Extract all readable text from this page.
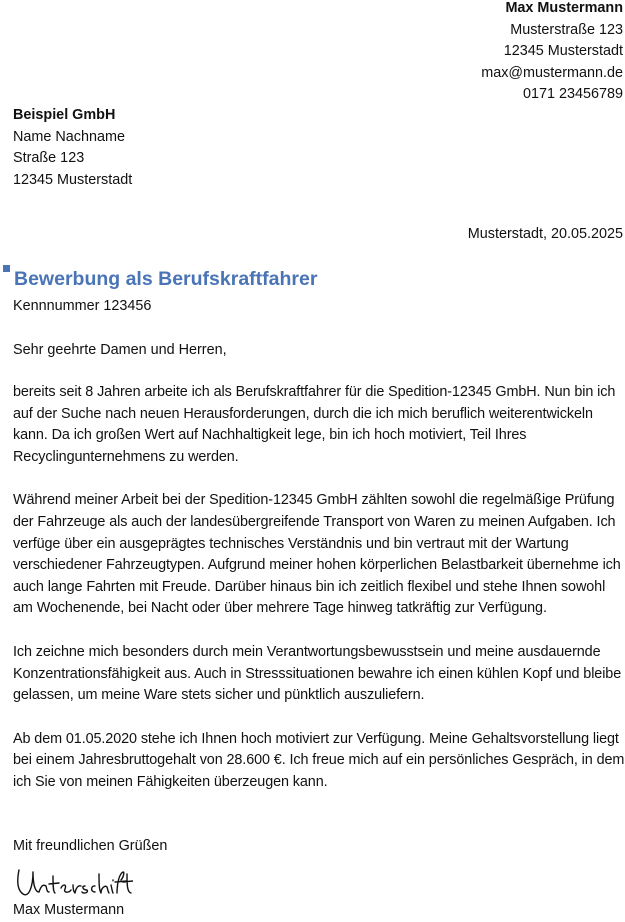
Max Mustermann
Musterstraße 123
12345 Musterstadt
max@mustermann.de
0171 23456789
Beispiel GmbH
Name Nachname
Straße 123
12345 Musterstadt
Musterstadt, 20.05.2025
Bewerbung als Berufskraftfahrer
Kennnummer 123456
Sehr geehrte Damen und Herren,

bereits seit 8 Jahren arbeite ich als Berufskraftfahrer für die Spedition-12345 GmbH. Nun bin ich auf der Suche nach neuen Herausforderungen, durch die ich mich beruflich weiterentwickeln kann. Da ich großen Wert auf Nachhaltigkeit lege, bin ich hoch motiviert, Teil Ihres Recyclingunternehmens zu werden.

Während meiner Arbeit bei der Spedition-12345 GmbH zählten sowohl die regelmäßige Prüfung der Fahrzeuge als auch der landesübergreifende Transport von Waren zu meinen Aufgaben. Ich verfüge über ein ausgeprägtes technisches Verständnis und bin vertraut mit der Wartung verschiedener Fahrzeugtypen. Aufgrund meiner hohen körperlichen Belastbarkeit übernehme ich auch lange Fahrten mit Freude. Darüber hinaus bin ich zeitlich flexibel und stehe Ihnen sowohl am Wochenende, bei Nacht oder über mehrere Tage hinweg tatkräftig zur Verfügung.

Ich zeichne mich besonders durch mein Verantwortungsbewusstsein und meine ausdauernde Konzentrationsfähigkeit aus. Auch in Stresssituationen bewahre ich einen kühlen Kopf und bleibe gelassen, um meine Ware stets sicher und pünktlich auszuliefern.

Ab dem 01.05.2020 stehe ich Ihnen hoch motiviert zur Verfügung. Meine Gehaltsvorstellung liegt bei einem Jahresbruttogehalt von 28.600 €. Ich freue mich auf ein persönliches Gespräch, in dem ich Sie von meinen Fähigkeiten überzeugen kann.

Mit freundlichen Grüßen
Max Mustermann
